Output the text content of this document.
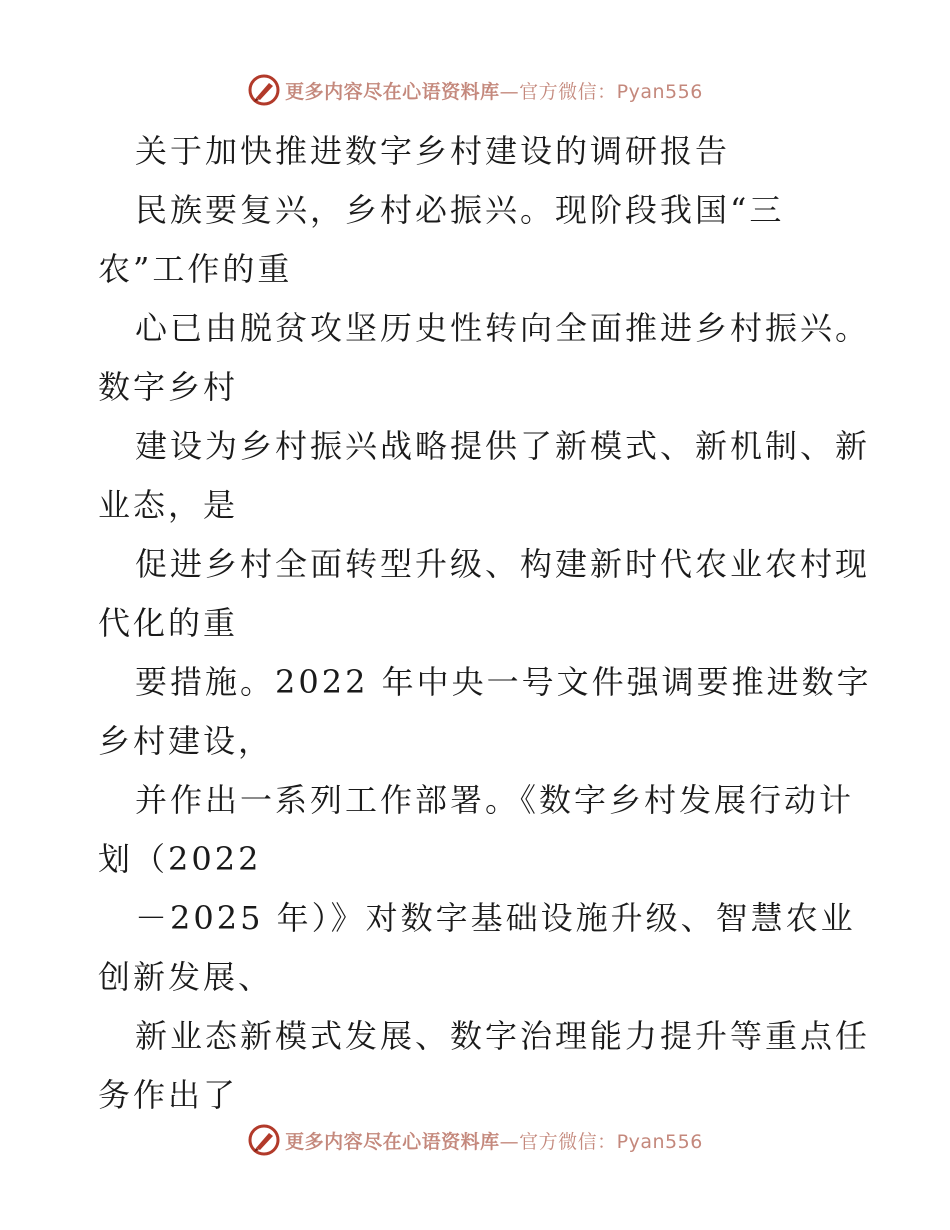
更多内容尽在心语资料库 —官方微信：Pyan556
关于加快推进数字乡村建设的调研报告
民族要复兴，乡村必振兴。现阶段我国“三
农”工作的重
心已由脱贫攻坚历史性转向全面推进乡村振兴。
数字乡村
建设为乡村振兴战略提供了新模式、新机制、新
业态，是
促进乡村全面转型升级、构建新时代农业农村现
代化的重
要措施。2022 年中央一号文件强调要推进数字
乡村建设，
并作出一系列工作部署。《数字乡村发展行动计
划（2022
－2025 年）》对数字基础设施升级、智慧农业
创新发展、
新业态新模式发展、数字治理能力提升等重点任
务作出了
更多内容尽在心语资料库 —官方微信：Pyan556
